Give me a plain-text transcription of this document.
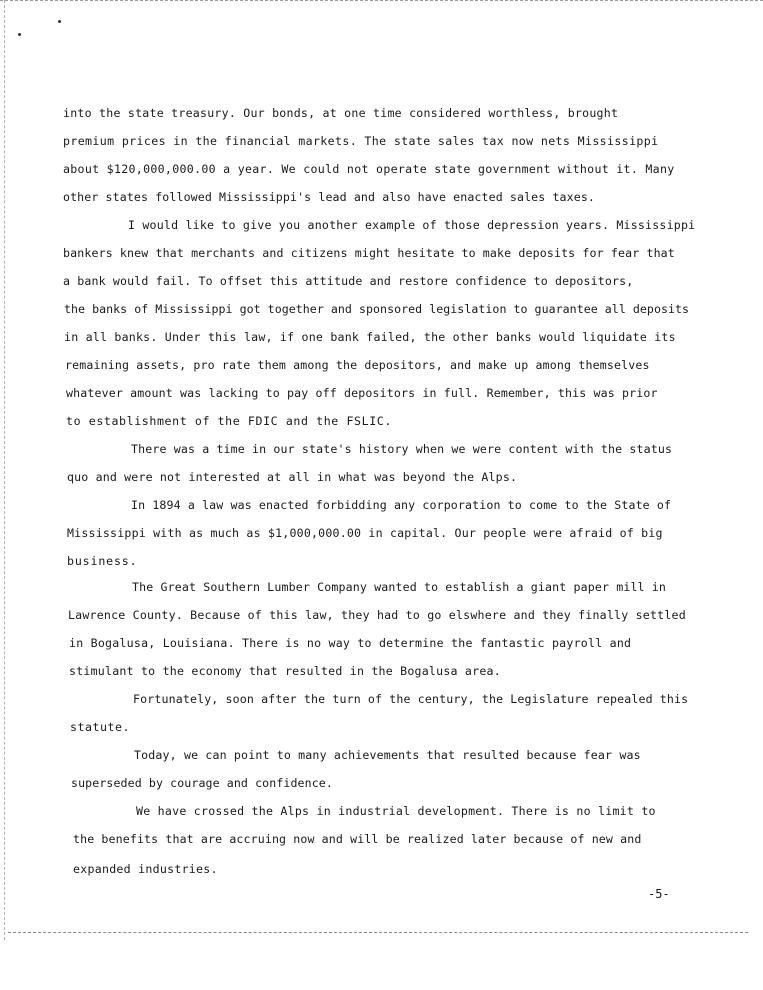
into the state treasury. Our bonds, at one time considered worthless, brought
premium prices in the financial markets. The state sales tax now nets Mississippi
about $120,000,000.00 a year. We could not operate state government without it. Many
other states followed Mississippi's lead and also have enacted sales taxes.
I would like to give you another example of those depression years. Mississippi
bankers knew that merchants and citizens might hesitate to make deposits for fear that
a bank would fail. To offset this attitude and restore confidence to depositors,
the banks of Mississippi got together and sponsored legislation to guarantee all deposits
in all banks. Under this law, if one bank failed, the other banks would liquidate its
remaining assets, pro rate them among the depositors, and make up among themselves
whatever amount was lacking to pay off depositors in full. Remember, this was prior
to establishment of the FDIC and the FSLIC.
There was a time in our state's history when we were content with the status
quo and were not interested at all in what was beyond the Alps.
In 1894 a law was enacted forbidding any corporation to come to the State of
Mississippi with as much as $1,000,000.00 in capital. Our people were afraid of big
business.
The Great Southern Lumber Company wanted to establish a giant paper mill in
Lawrence County. Because of this law, they had to go elswhere and they finally settled
in Bogalusa, Louisiana. There is no way to determine the fantastic payroll and
stimulant to the economy that resulted in the Bogalusa area.
Fortunately, soon after the turn of the century, the Legislature repealed this
statute.
Today, we can point to many achievements that resulted because fear was
superseded by courage and confidence.
We have crossed the Alps in industrial development. There is no limit to
the benefits that are accruing now and will be realized later because of new and
expanded industries.
-5-
